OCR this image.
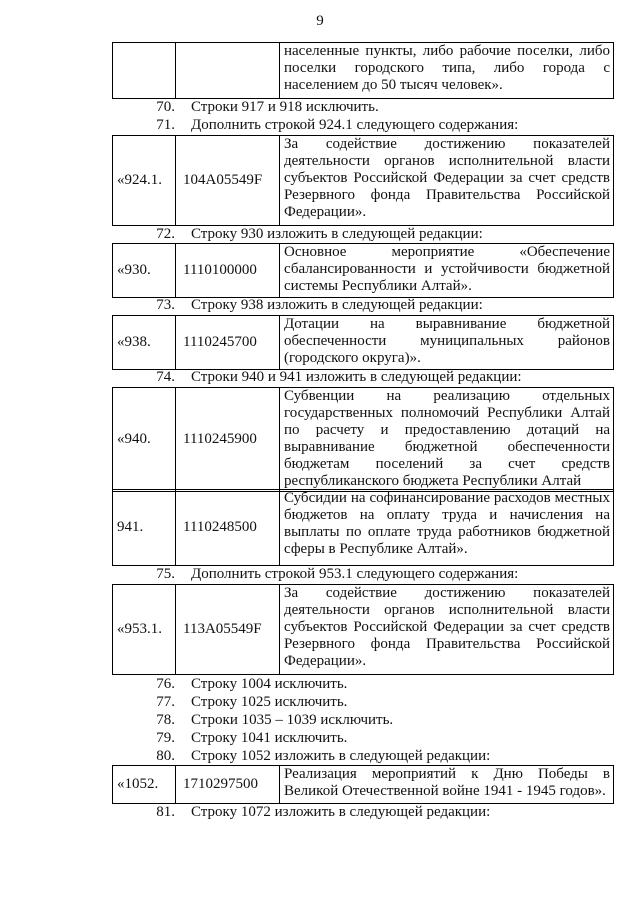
9
населенные пункты, либо рабочие поселки, либо поселки городского типа, либо города с населением до 50 тысяч человек».
70. Строки 917 и 918 исключить.
71. Дополнить строкой 924.1 следующего содержания:
«924.1.	104А05549F
За содействие достижению показателей деятельности органов исполнительной власти субъектов Российской Федерации за счет средств Резервного фонда Правительства Российской Федерации».
72. Строку 930 изложить в следующей редакции:
«930.	1110100000
Основное мероприятие «Обеспечение сбалансированности и устойчивости бюджетной системы Республики Алтай».
73. Строку 938 изложить в следующей редакции:
«938.	1110245700
Дотации на выравнивание бюджетной обеспеченности муниципальных районов (городского округа)».
74. Строки 940 и 941 изложить в следующей редакции:
«940.	1110245900
Субвенции на реализацию отдельных государственных полномочий Республики Алтай по расчету и предоставлению дотаций на выравнивание бюджетной обеспеченности бюджетам поселений за счет средств республиканского бюджета Республики Алтай
941.	1110248500
Субсидии на софинансирование расходов местных бюджетов на оплату труда и начисления на выплаты по оплате труда работников бюджетной сферы в Республике Алтай».
75. Дополнить строкой 953.1 следующего содержания:
«953.1.	113А05549F
За содействие достижению показателей деятельности органов исполнительной власти субъектов Российской Федерации за счет средств Резервного фонда Правительства Российской Федерации».
76. Строку 1004 исключить.
77. Строку 1025 исключить.
78. Строки 1035 – 1039 исключить.
79. Строку 1041 исключить.
80. Строку 1052 изложить в следующей редакции:
«1052.	1710297500
Реализация мероприятий к Дню Победы в Великой Отечественной войне 1941 - 1945 годов».
81. Строку 1072 изложить в следующей редакции:
